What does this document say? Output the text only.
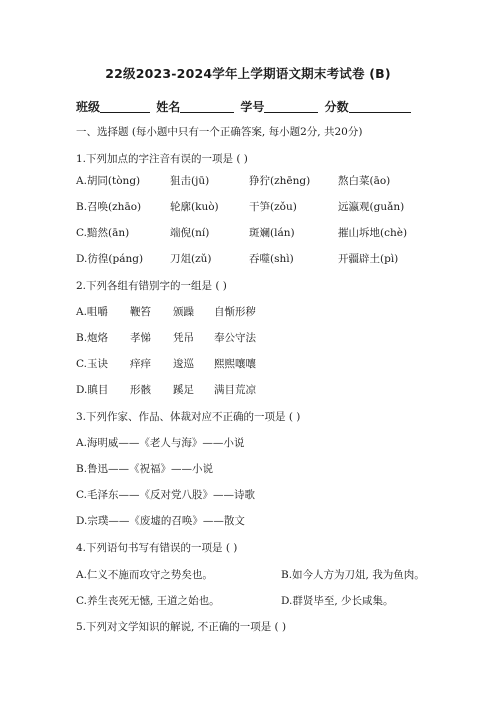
22级2023-2024学年上学期语文期末考试卷 (B)
班级	姓名	学号	分数
一、选择题 (每小题中只有一个正确答案, 每小题2分, 共20分)
1.下列加点的字注音有误的一项是 ( )
A.胡同(tòng)	狙击(jū)	狰狞(zhēng)	熬白菜(āo)
B.召唤(zhāo)	轮廓(kuò)	干笋(zǒu)	远瀛观(guǎn)
C.黯然(ān)	端倪(ní)	斑斓(lán)	摧山坼地(chè)
D.彷徨(páng)	刀俎(zǔ)	吞噬(shì)	开疆辟土(pì)
2.下列各组有错别字的一组是 ( )
A.咀嚼 鞭笞 颁躁 自惭形秽
B.炮烙 孝悌 凭吊 奉公守法
C.玉诀 痒痒 逡巡 熙熙嚷嚷
D.瞋目 形骸 蹊足 满目荒凉
3.下列作家、作品、体裁对应不正确的一项是 ( )
A.海明威——《老人与海》——小说
B.鲁迅——《祝福》——小说
C.毛泽东——《反对党八股》——诗歌
D.宗璞——《废墟的召唤》——散文
4.下列语句书写有错误的一项是 ( )
A.仁义不施而攻守之势矣也。	B.如今人方为刀俎, 我为鱼肉。
C.养生丧死无憾, 王道之始也。	D.群贤毕至, 少长咸集。
5.下列对文学知识的解说, 不正确的一项是 ( )
